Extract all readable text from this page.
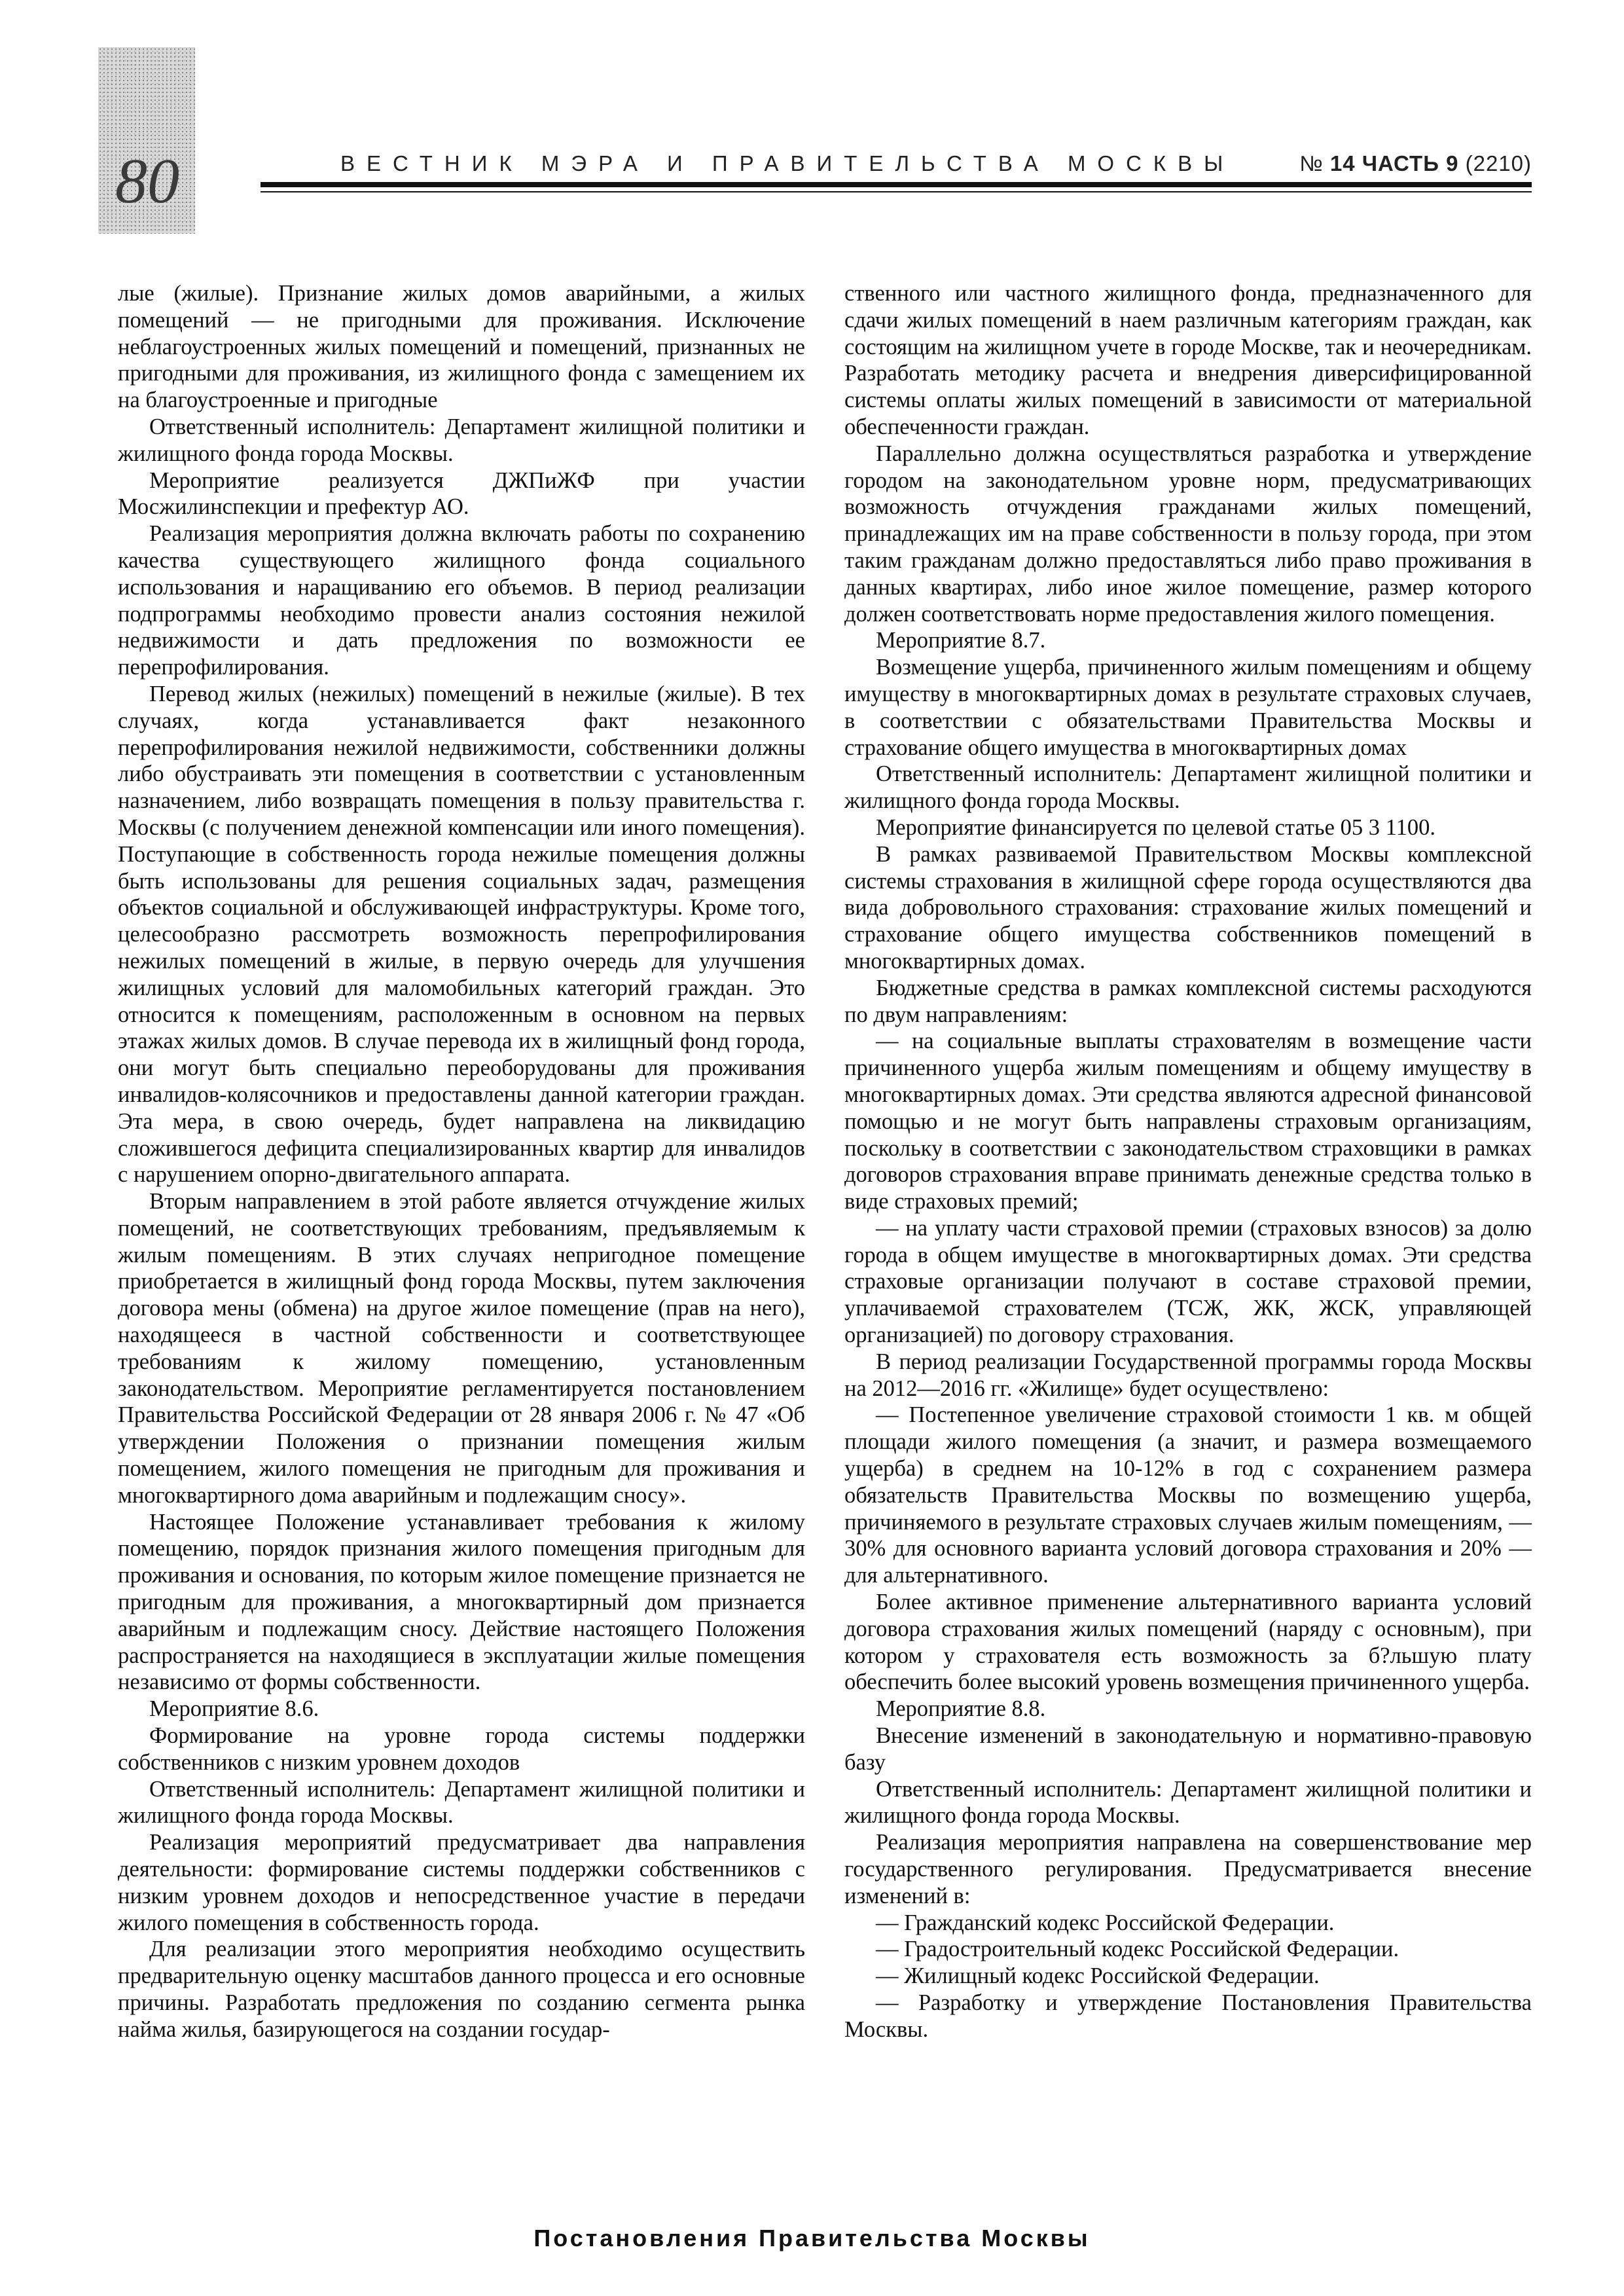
80	ВЕСТНИК МЭРА И ПРАВИТЕЛЬСТВА МОСКВЫ	№ 14 ЧАСТЬ 9 (2210)

лые (жилые). Признание жилых домов аварийными, а жилых помещений — не пригодными для проживания. Исключение неблагоустроенных жилых помещений и помещений, признанных не пригодными для проживания, из жилищного фонда с замещением их на благоустроенные и пригодные

Ответственный исполнитель: Департамент жилищной политики и жилищного фонда города Москвы.

Мероприятие реализуется ДЖПиЖФ при участии Мосжилинспекции и префектур АО.

Реализация мероприятия должна включать работы по сохранению качества существующего жилищного фонда социального использования и наращиванию его объемов. В период реализации подпрограммы необходимо провести анализ состояния нежилой недвижимости и дать предложения по возможности ее перепрофилирования.

Перевод жилых (нежилых) помещений в нежилые (жилые). В тех случаях, когда устанавливается факт незаконного перепрофилирования нежилой недвижимости, собственники должны либо обустраивать эти помещения в соответствии с установленным назначением, либо возвращать помещения в пользу правительства г. Москвы (с получением денежной компенсации или иного помещения). Поступающие в собственность города нежилые помещения должны быть использованы для решения социальных задач, размещения объектов социальной и обслуживающей инфраструктуры. Кроме того, целесообразно рассмотреть возможность перепрофилирования нежилых помещений в жилые, в первую очередь для улучшения жилищных условий для маломобильных категорий граждан. Это относится к помещениям, расположенным в основном на первых этажах жилых домов. В случае перевода их в жилищный фонд города, они могут быть специально переоборудованы для проживания инвалидов-колясочников и предоставлены данной категории граждан. Эта мера, в свою очередь, будет направлена на ликвидацию сложившегося дефицита специализированных квартир для инвалидов с нарушением опорно-двигательного аппарата.

Вторым направлением в этой работе является отчуждение жилых помещений, не соответствующих требованиям, предъявляемым к жилым помещениям. В этих случаях непригодное помещение приобретается в жилищный фонд города Москвы, путем заключения договора мены (обмена) на другое жилое помещение (прав на него), находящееся в частной собственности и соответствующее требованиям к жилому помещению, установленным законодательством. Мероприятие регламентируется постановлением Правительства Российской Федерации от 28 января 2006 г. № 47 «Об утверждении Положения о признании помещения жилым помещением, жилого помещения не пригодным для проживания и многоквартирного дома аварийным и подлежащим сносу».

Настоящее Положение устанавливает требования к жилому помещению, порядок признания жилого помещения пригодным для проживания и основания, по которым жилое помещение признается не пригодным для проживания, а многоквартирный дом признается аварийным и подлежащим сносу. Действие настоящего Положения распространяется на находящиеся в эксплуатации жилые помещения независимо от формы собственности.

Мероприятие 8.6.

Формирование на уровне города системы поддержки собственников с низким уровнем доходов

Ответственный исполнитель: Департамент жилищной политики и жилищного фонда города Москвы.

Реализация мероприятий предусматривает два направления деятельности: формирование системы поддержки собственников с низким уровнем доходов и непосредственное участие в передачи жилого помещения в собственность города.

Для реализации этого мероприятия необходимо осуществить предварительную оценку масштабов данного процесса и его основные причины. Разработать предложения по созданию сегмента рынка найма жилья, базирующегося на создании государ-

ственного или частного жилищного фонда, предназначенного для сдачи жилых помещений в наем различным категориям граждан, как состоящим на жилищном учете в городе Москве, так и неочередникам. Разработать методику расчета и внедрения диверсифицированной системы оплаты жилых помещений в зависимости от материальной обеспеченности граждан.

Параллельно должна осуществляться разработка и утверждение городом на законодательном уровне норм, предусматривающих возможность отчуждения гражданами жилых помещений, принадлежащих им на праве собственности в пользу города, при этом таким гражданам должно предоставляться либо право проживания в данных квартирах, либо иное жилое помещение, размер которого должен соответствовать норме предоставления жилого помещения.

Мероприятие 8.7.

Возмещение ущерба, причиненного жилым помещениям и общему имуществу в многоквартирных домах в результате страховых случаев, в соответствии с обязательствами Правительства Москвы и страхование общего имущества в многоквартирных домах

Ответственный исполнитель: Департамент жилищной политики и жилищного фонда города Москвы.

Мероприятие финансируется по целевой статье 05 3 1100.

В рамках развиваемой Правительством Москвы комплексной системы страхования в жилищной сфере города осуществляются два вида добровольного страхования: страхование жилых помещений и страхование общего имущества собственников помещений в многоквартирных домах.

Бюджетные средства в рамках комплексной системы расходуются по двум направлениям:

— на социальные выплаты страхователям в возмещение части причиненного ущерба жилым помещениям и общему имуществу в многоквартирных домах. Эти средства являются адресной финансовой помощью и не могут быть направлены страховым организациям, поскольку в соответствии с законодательством страховщики в рамках договоров страхования вправе принимать денежные средства только в виде страховых премий;

— на уплату части страховой премии (страховых взносов) за долю города в общем имуществе в многоквартирных домах. Эти средства страховые организации получают в составе страховой премии, уплачиваемой страхователем (ТСЖ, ЖК, ЖСК, управляющей организацией) по договору страхования.

В период реализации Государственной программы города Москвы на 2012—2016 гг. «Жилище» будет осуществлено:

— Постепенное увеличение страховой стоимости 1 кв. м общей площади жилого помещения (а значит, и размера возмещаемого ущерба) в среднем на 10-12% в год с сохранением размера обязательств Правительства Москвы по возмещению ущерба, причиняемого в результате страховых случаев жилым помещениям, — 30% для основного варианта условий договора страхования и 20% — для альтернативного.

Более активное применение альтернативного варианта условий договора страхования жилых помещений (наряду с основным), при котором у страхователя есть возможность за б?льшую плату обеспечить более высокий уровень возмещения причиненного ущерба.

Мероприятие 8.8.

Внесение изменений в законодательную и нормативно-правовую базу

Ответственный исполнитель: Департамент жилищной политики и жилищного фонда города Москвы.

Реализация мероприятия направлена на совершенствование мер государственного регулирования. Предусматривается внесение изменений в:

— Гражданский кодекс Российской Федерации.

— Градостроительный кодекс Российской Федерации.

— Жилищный кодекс Российской Федерации.

— Разработку и утверждение Постановления Правительства Москвы.

Постановления Правительства Москвы
